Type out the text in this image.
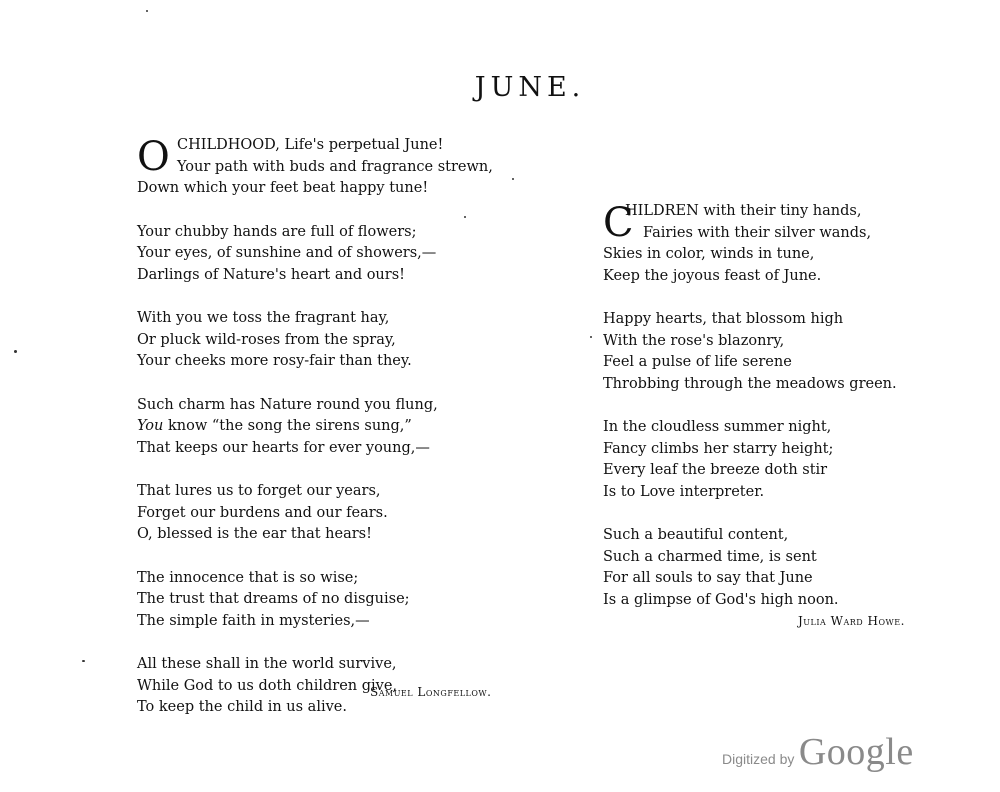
JUNE.
O CHILDHOOD, Life's perpetual June!
Your path with buds and fragrance strewn,
Down which your feet beat happy tune!
Your chubby hands are full of flowers;
Your eyes, of sunshine and of showers,—
Darlings of Nature's heart and ours!
With you we toss the fragrant hay,
Or pluck wild-roses from the spray,
Your cheeks more rosy-fair than they.
Such charm has Nature round you flung,
You know “the song the sirens sung,”
That keeps our hearts for ever young,—
That lures us to forget our years,
Forget our burdens and our fears.
O, blessed is the ear that hears!
The innocence that is so wise;
The trust that dreams of no disguise;
The simple faith in mysteries,—
All these shall in the world survive,
While God to us doth children give,
To keep the child in us alive.
Samuel Longfellow.
C
HILDREN with their tiny hands,
Fairies with their silver wands,
Skies in color, winds in tune,
Keep the joyous feast of June.
Happy hearts, that blossom high
With the rose's blazonry,
Feel a pulse of life serene
Throbbing through the meadows green.
In the cloudless summer night,
Fancy climbs her starry height;
Every leaf the breeze doth stir
Is to Love interpreter.
Such a beautiful content,
Such a charmed time, is sent
For all souls to say that June
Is a glimpse of God's high noon.
Julia Ward Howe.
Digitized by Google
